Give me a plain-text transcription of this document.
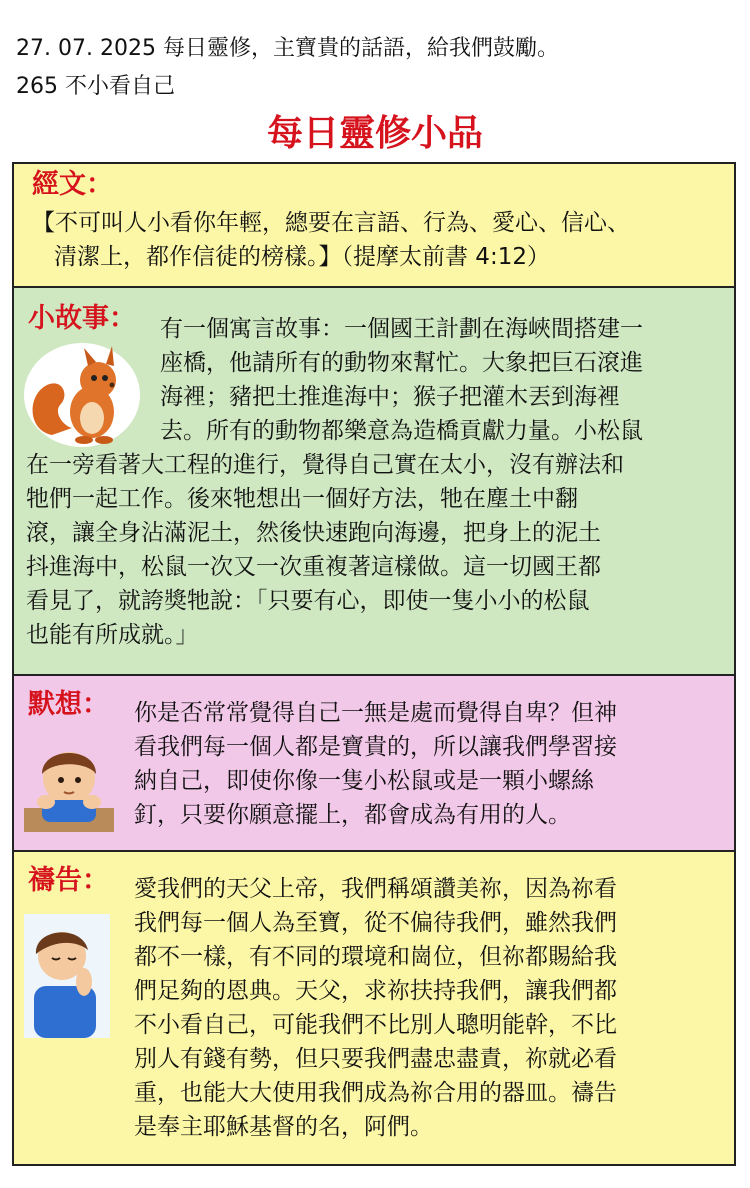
27. 07. 2025 每日靈修，主寶貴的話語，給我們鼓勵。
265 不小看自己
每日靈修小品
經文：
【不可叫人小看你年輕，總要在言語、行為、愛心、信心、
清潔上，都作信徒的榜樣。】（提摩太前書 4:12）
小故事： 有一個寓言故事：一個國王計劃在海峽間搭建一
座橋，他請所有的動物來幫忙。大象把巨石滾進
海裡；豬把土推進海中；猴子把灌木丟到海裡
去。所有的動物都樂意為造橋貢獻力量。小松鼠
在一旁看著大工程的進行，覺得自己實在太小，沒有辦法和
牠們一起工作。後來牠想出一個好方法，牠在塵土中翻
滾，讓全身沾滿泥土，然後快速跑向海邊，把身上的泥土
抖進海中，松鼠一次又一次重複著這樣做。這一切國王都
看見了，就誇獎牠說：「只要有心，即使一隻小小的松鼠
也能有所成就。」
默想： 你是否常常覺得自己一無是處而覺得自卑？但神
看我們每一個人都是寶貴的，所以讓我們學習接
納自己，即使你像一隻小松鼠或是一顆小螺絲
釘，只要你願意擺上，都會成為有用的人。
禱告： 愛我們的天父上帝，我們稱頌讚美祢，因為祢看
我們每一個人為至寶，從不偏待我們，雖然我們
都不一樣，有不同的環境和崗位，但祢都賜給我
們足夠的恩典。天父，求祢扶持我們，讓我們都
不小看自己，可能我們不比別人聰明能幹，不比
別人有錢有勢，但只要我們盡忠盡責，祢就必看
重，也能大大使用我們成為祢合用的器皿。禱告
是奉主耶穌基督的名，阿們。
